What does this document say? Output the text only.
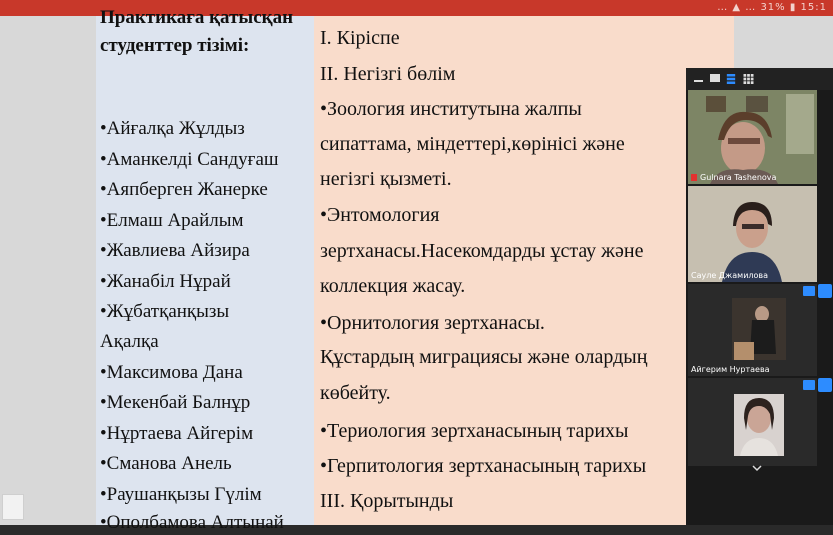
… ▲ … 31% ▮ 15:1
Практикаға қатысқан студенттер тізімі:
•Айғалқа Жұлдыз
•Аманкелді Сандуғаш
•Аяпберген Жанерке
•Елмаш Арайлым
•Жавлиева Айзира
•Жанабіл Нұрай
•Жұбатқанқызы
Ақалқа
•Максимова Дана
•Мекенбай Балнұр
•Нұртаева Айгерім
•Сманова Анель
•Раушанқызы Гүлім
•Ополбамова Алтынай
I. Кіріспе
II. Негізгі бөлім
•Зоология институтына жалпы
сипаттама, міндеттері,көрінісі және
негізгі қызметі.
•Энтомология
зертханасы.Насекомдарды ұстау және
коллекция жасау.
•Орнитология зертханасы.
Құстардың миграциясы және олардың
көбейту.
•Териология зертханасының тарихы
•Герпитология зертханасының тарихы
III. Қорытынды
Gulnara Tashenova
Сауле Джамилова
Айгерим Нуртаева
